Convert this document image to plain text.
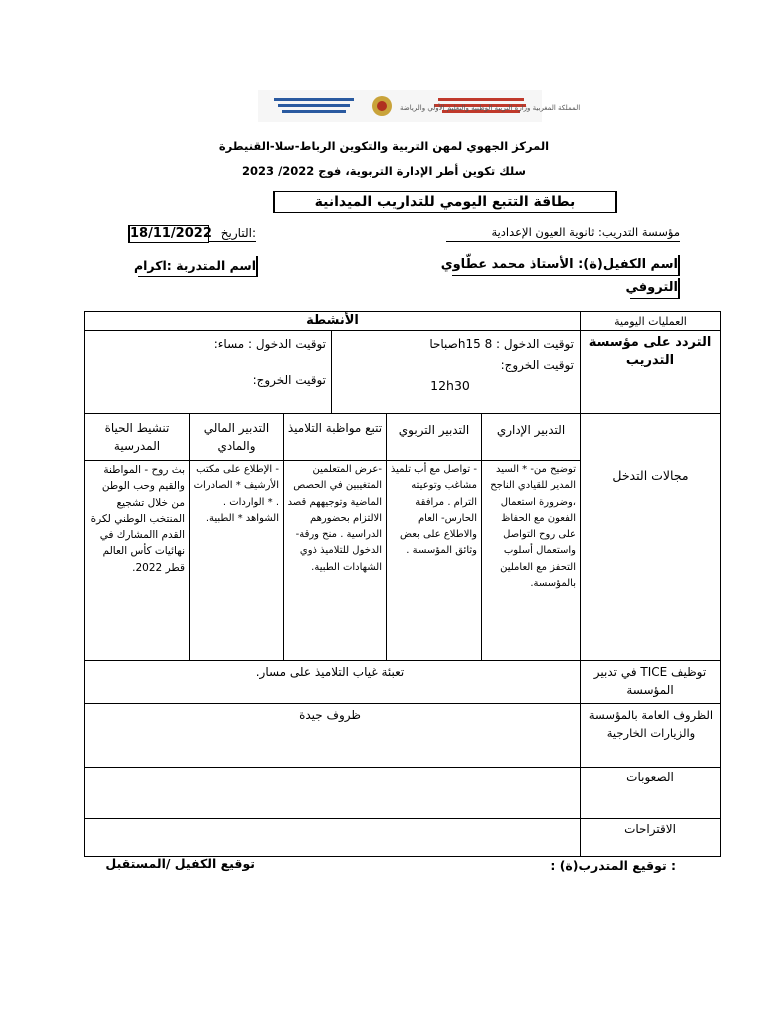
المملكة المغربية وزارة التربية الوطنية والتعليم الأولي والرياضة
المركز الجهوي لمهن التربية والتكوين الرباط-سلا-القنيطرة
سلك تكوين أطر الإدارة التربوية، فوج 2022/ 2023
بطاقة التتبع اليومي للتداريب الميدانية
18/11/2022 التاريخ:	مؤسسة التدريب: ثانوية العيون الإعدادية
اسم المتدربة :اكرام	اسم الكفيل(ة): الأستاذ محمد عطّاوي
التروفي
العمليات اليومية
الأنشطة
التردد على مؤسسة التدريب
توقيت الدخول : 8 h15صباحا
توقيت الخروج:
12h30
توقيت الدخول : مساء:
توقيت الخروج:
مجالات التدخل
التدبير الإداري
التدبير التربوي
تتبع مواظبة التلاميذ
التدبير المالي والمادي
تنشيط الحياة المدرسية
توضيح من- * السيد المدير للقيادي الناجح ،وضرورة استعمال الفعون مع الحفاظ على روح التواصل واستعمال أسلوب التحفز مع العاملين بالمؤسسة.
- تواصل مع أب تلميذ مشاغب وتوعيته الترام . مرافقة الحارس- العام والاطلاع على بعض وثائق المؤسسة .
-عرض المتعلمين المتغيبين في الحصص الماضية وتوجيههم قصد الالتزام بحضورهم الدراسية . منح ورقة- الدخول للتلاميذ ذوي الشهادات الطبية.
- الإطلاع على مكتب الأرشيف * الصادرات . * الواردات . الشواهد * الطبية.
بث روح - المواطنة والقيم وحب الوطن من خلال تشجيع المنتخب الوطني لكرة القدم االمشارك في نهائيات كأس العالم قطر 2022.
توظيف TICE في تدبير المؤسسة
تعبئة غياب التلاميذ على مسار.
الظروف العامة بالمؤسسة والزيارات الخارجية
ظروف جيدة
الصعوبات
الاقتراحات
: توقيع المتدرب(ة) :
توقيع الكفيل /المستقبل
